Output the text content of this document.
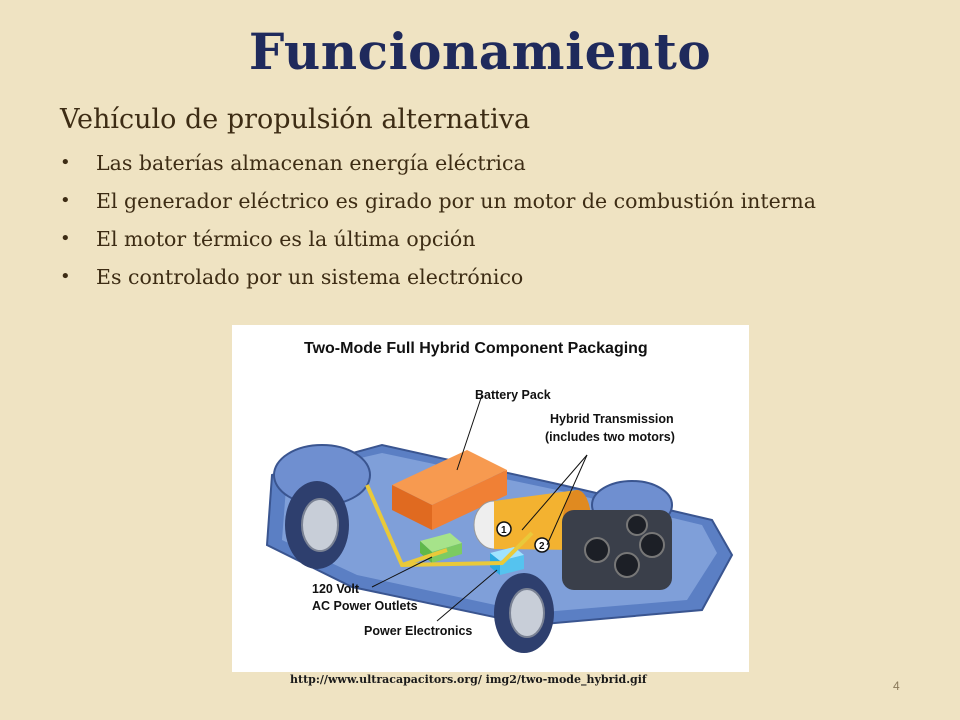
Funcionamiento
Vehículo de propulsión alternativa
• Las baterías almacenan energía eléctrica
• El generador eléctrico es girado por un motor de combustión interna
• El motor térmico es la última opción
• Es controlado por un sistema electrónico
Two-Mode Full Hybrid Component Packaging
1
2
Battery Pack
Hybrid Transmission
(includes two motors)
120 Volt
AC Power Outlets
Power Electronics
http://www.ultracapacitors.org/ img2/two-mode_hybrid.gif	4
